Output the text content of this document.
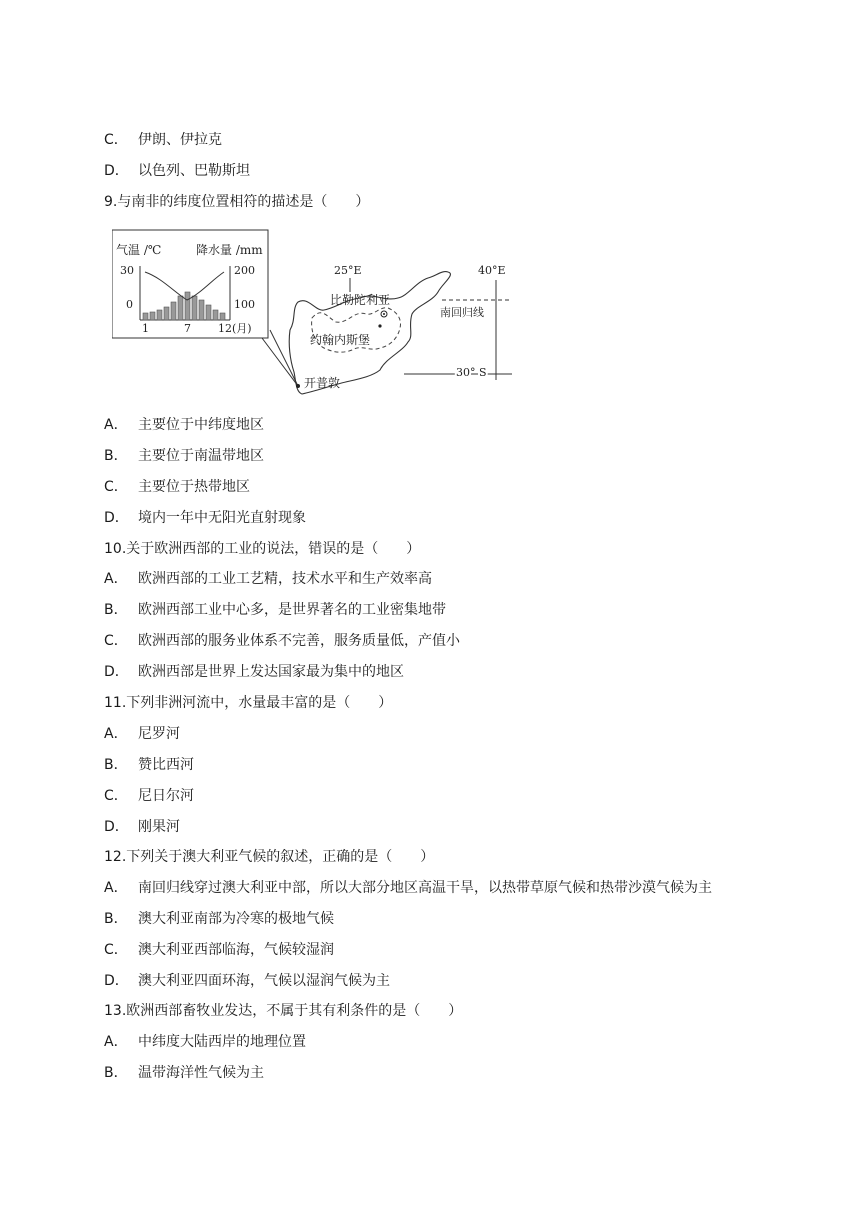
C． 伊朗、伊拉克
D． 以色列、巴勒斯坦
9.与南非的纬度位置相符的描述是（　　）
气温 /℃	降水量 /mm
30
0
200
100
1	7 12(月)
25°E	40°E
南回归线
30° S
比勒陀利亚
约翰内斯堡
开普敦
A． 主要位于中纬度地区
B． 主要位于南温带地区
C． 主要位于热带地区
D． 境内一年中无阳光直射现象
10.关于欧洲西部的工业的说法，错误的是（　　）
A． 欧洲西部的工业工艺精，技术水平和生产效率高
B． 欧洲西部工业中心多，是世界著名的工业密集地带
C． 欧洲西部的服务业体系不完善，服务质量低，产值小
D． 欧洲西部是世界上发达国家最为集中的地区
11.下列非洲河流中，水量最丰富的是（　　）
A． 尼罗河
B． 赞比西河
C． 尼日尔河
D． 刚果河
12.下列关于澳大利亚气候的叙述，正确的是（　　）
A． 南回归线穿过澳大利亚中部，所以大部分地区高温干旱，以热带草原气候和热带沙漠气候为主
B． 澳大利亚南部为冷寒的极地气候
C． 澳大利亚西部临海，气候较湿润
D． 澳大利亚四面环海，气候以湿润气候为主
13.欧洲西部畜牧业发达，不属于其有利条件的是（　　）
A． 中纬度大陆西岸的地理位置
B． 温带海洋性气候为主
